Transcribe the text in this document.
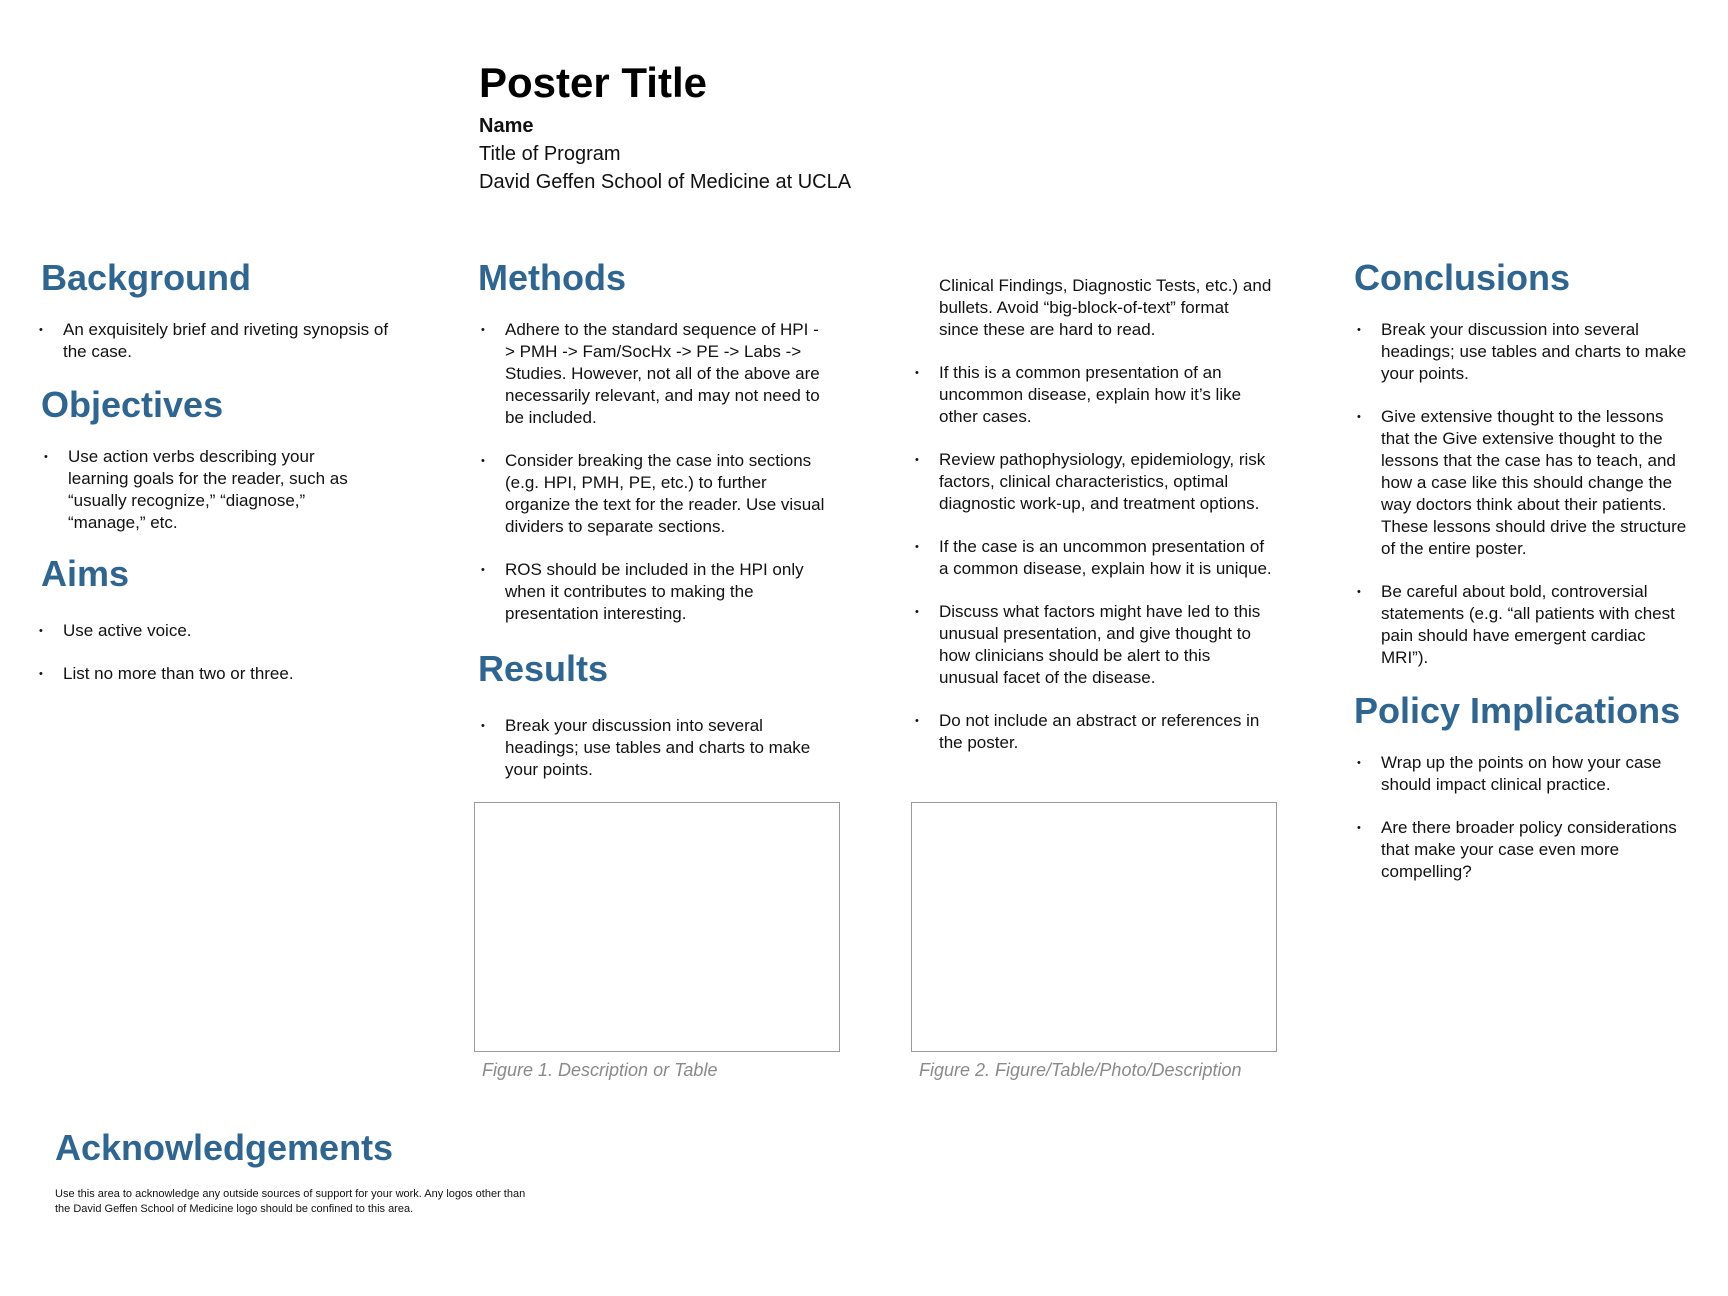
Poster Title
Name
Title of Program
David Geffen School of Medicine at UCLA
Background
• An exquisitely brief and riveting synopsis of the case.
Objectives
• Use action verbs describing your learning goals for the reader, such as “usually recognize,” “diagnose,” “manage,” etc.
Aims
• Use active voice.
• List no more than two or three.
Methods
• Adhere to the standard sequence of HPI -> PMH -> Fam/SocHx -> PE -> Labs -> Studies. However, not all of the above are necessarily relevant, and may not need to be included.
• Consider breaking the case into sections (e.g. HPI, PMH, PE, etc.) to further organize the text for the reader. Use visual dividers to separate sections.
• ROS should be included in the HPI only when it contributes to making the presentation interesting.
Results
• Break your discussion into several headings; use tables and charts to make your points.

Clinical Findings, Diagnostic Tests, etc.) and bullets. Avoid “big-block-of-text” format since these are hard to read.

• If this is a common presentation of an uncommon disease, explain how it’s like other cases.
• Review pathophysiology, epidemiology, risk factors, clinical characteristics, optimal diagnostic work-up, and treatment options.
• If the case is an uncommon presentation of a common disease, explain how it is unique.
• Discuss what factors might have led to this unusual presentation, and give thought to how clinicians should be alert to this unusual facet of the disease.
• Do not include an abstract or references in the poster.
Figure 1. Description or Table	Figure 2. Figure/Table/Photo/Description
Conclusions
• Break your discussion into several headings; use tables and charts to make your points.
• Give extensive thought to the lessons that the Give extensive thought to the lessons that the case has to teach, and how a case like this should change the way doctors think about their patients. These lessons should drive the structure of the entire poster.
• Be careful about bold, controversial statements (e.g. “all patients with chest pain should have emergent cardiac MRI”).
Policy Implications
• Wrap up the points on how your case should impact clinical practice.
• Are there broader policy considerations that make your case even more compelling?
Acknowledgements
Use this area to acknowledge any outside sources of support for your work. Any logos other than the David Geffen School of Medicine logo should be confined to this area.
